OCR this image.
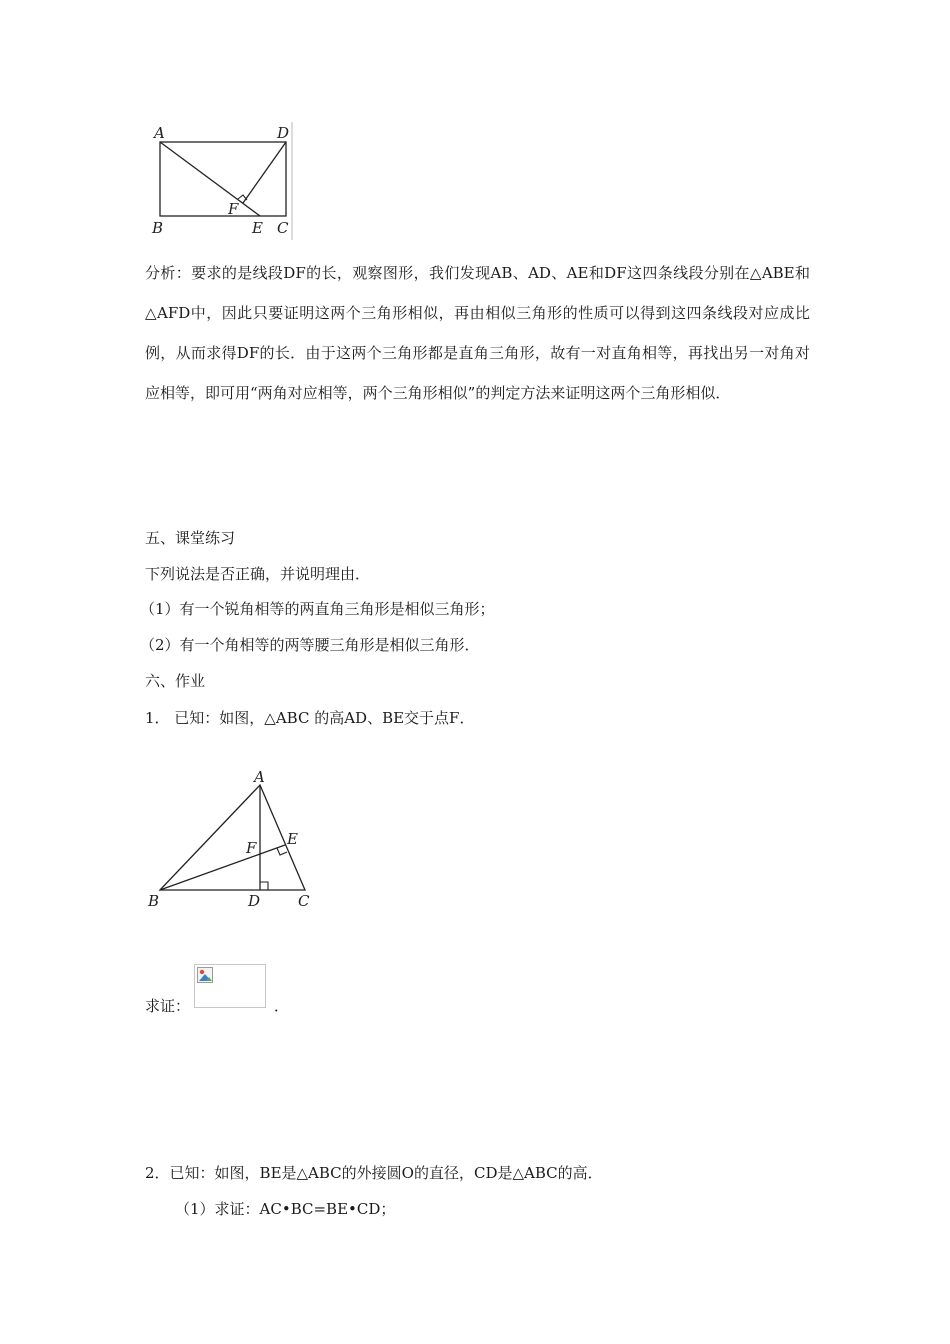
A	D
F
B	E C
分析：要求的是线段DF的长，观察图形，我们发现AB、AD、AE和DF这四条线段分别在△ABE和△AFD中，因此只要证明这两个三角形相似，再由相似三角形的性质可以得到这四条线段对应成比例，从而求得DF的长．由于这两个三角形都是直角三角形，故有一对直角相等，再找出另一对角对应相等，即可用“两角对应相等，两个三角形相似”的判定方法来证明这两个三角形相似．
五、课堂练习
下列说法是否正确，并说明理由．
（1）有一个锐角相等的两直角三角形是相似三角形；
（2）有一个角相等的两等腰三角形是相似三角形．
六、作业
1． 已知：如图，△ABC 的高AD、BE交于点F．
A
E
F
B	D	C
求证：	．
2．已知：如图，BE是△ABC的外接圆O的直径，CD是△ABC的高．
（1）求证：AC•BC=BE•CD；
